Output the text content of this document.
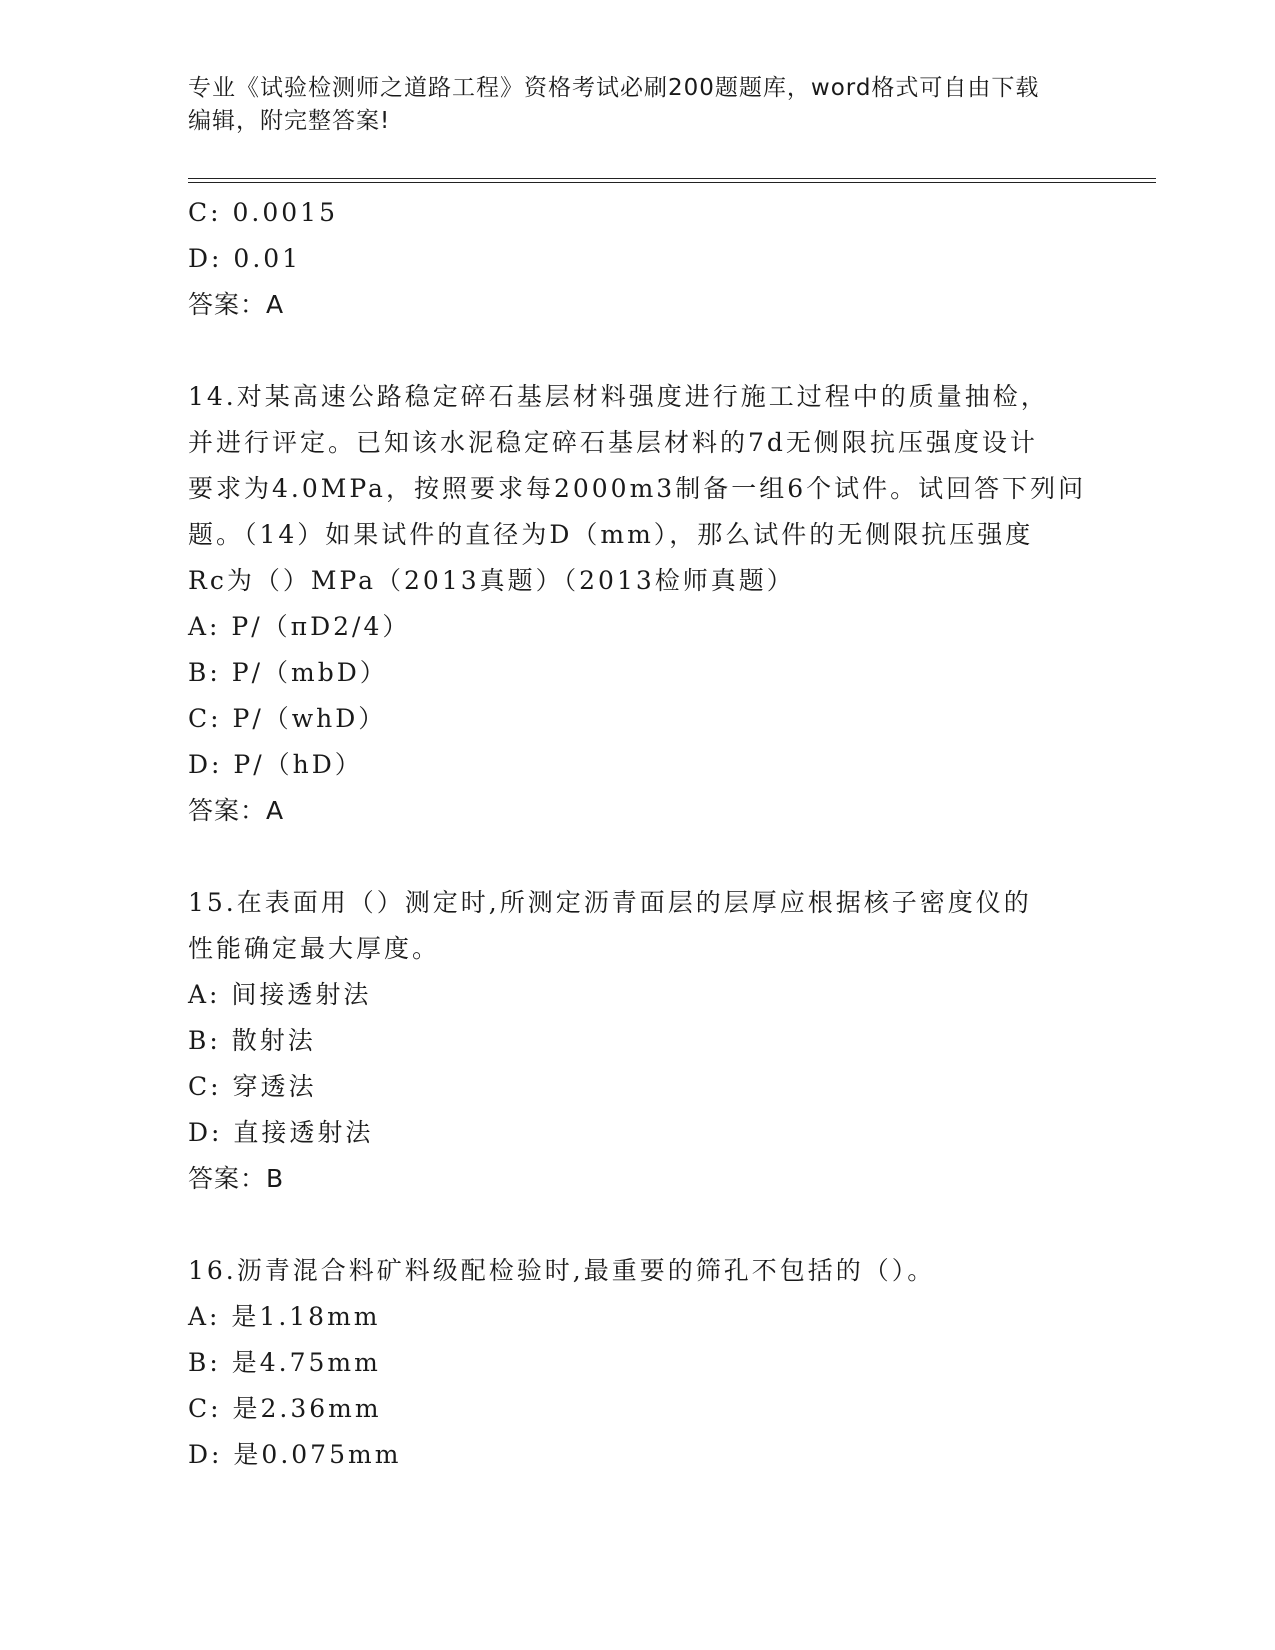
专业《试验检测师之道路工程》资格考试必刷200题题库，word格式可自由下载
编辑，附完整答案!
C: 0.0015
D: 0.01
答案：A
14.对某高速公路稳定碎石基层材料强度进行施工过程中的质量抽检，
并进行评定。已知该水泥稳定碎石基层材料的7d无侧限抗压强度设计
要求为4.0MPa，按照要求每2000m3制备一组6个试件。试回答下列问
题。（14）如果试件的直径为D（mm），那么试件的无侧限抗压强度
Rc为（）MPa（2013真题）（2013检师真题）
A: P/（πD2/4）
B: P/（mbD）
C: P/（whD）
D: P/（hD）
答案：A
15.在表面用（）测定时,所测定沥青面层的层厚应根据核子密度仪的
性能确定最大厚度。
A: 间接透射法
B: 散射法
C: 穿透法
D: 直接透射法
答案：B
16.沥青混合料矿料级配检验时,最重要的筛孔不包括的（）。
A: 是1.18mm
B: 是4.75mm
C: 是2.36mm
D: 是0.075mm
